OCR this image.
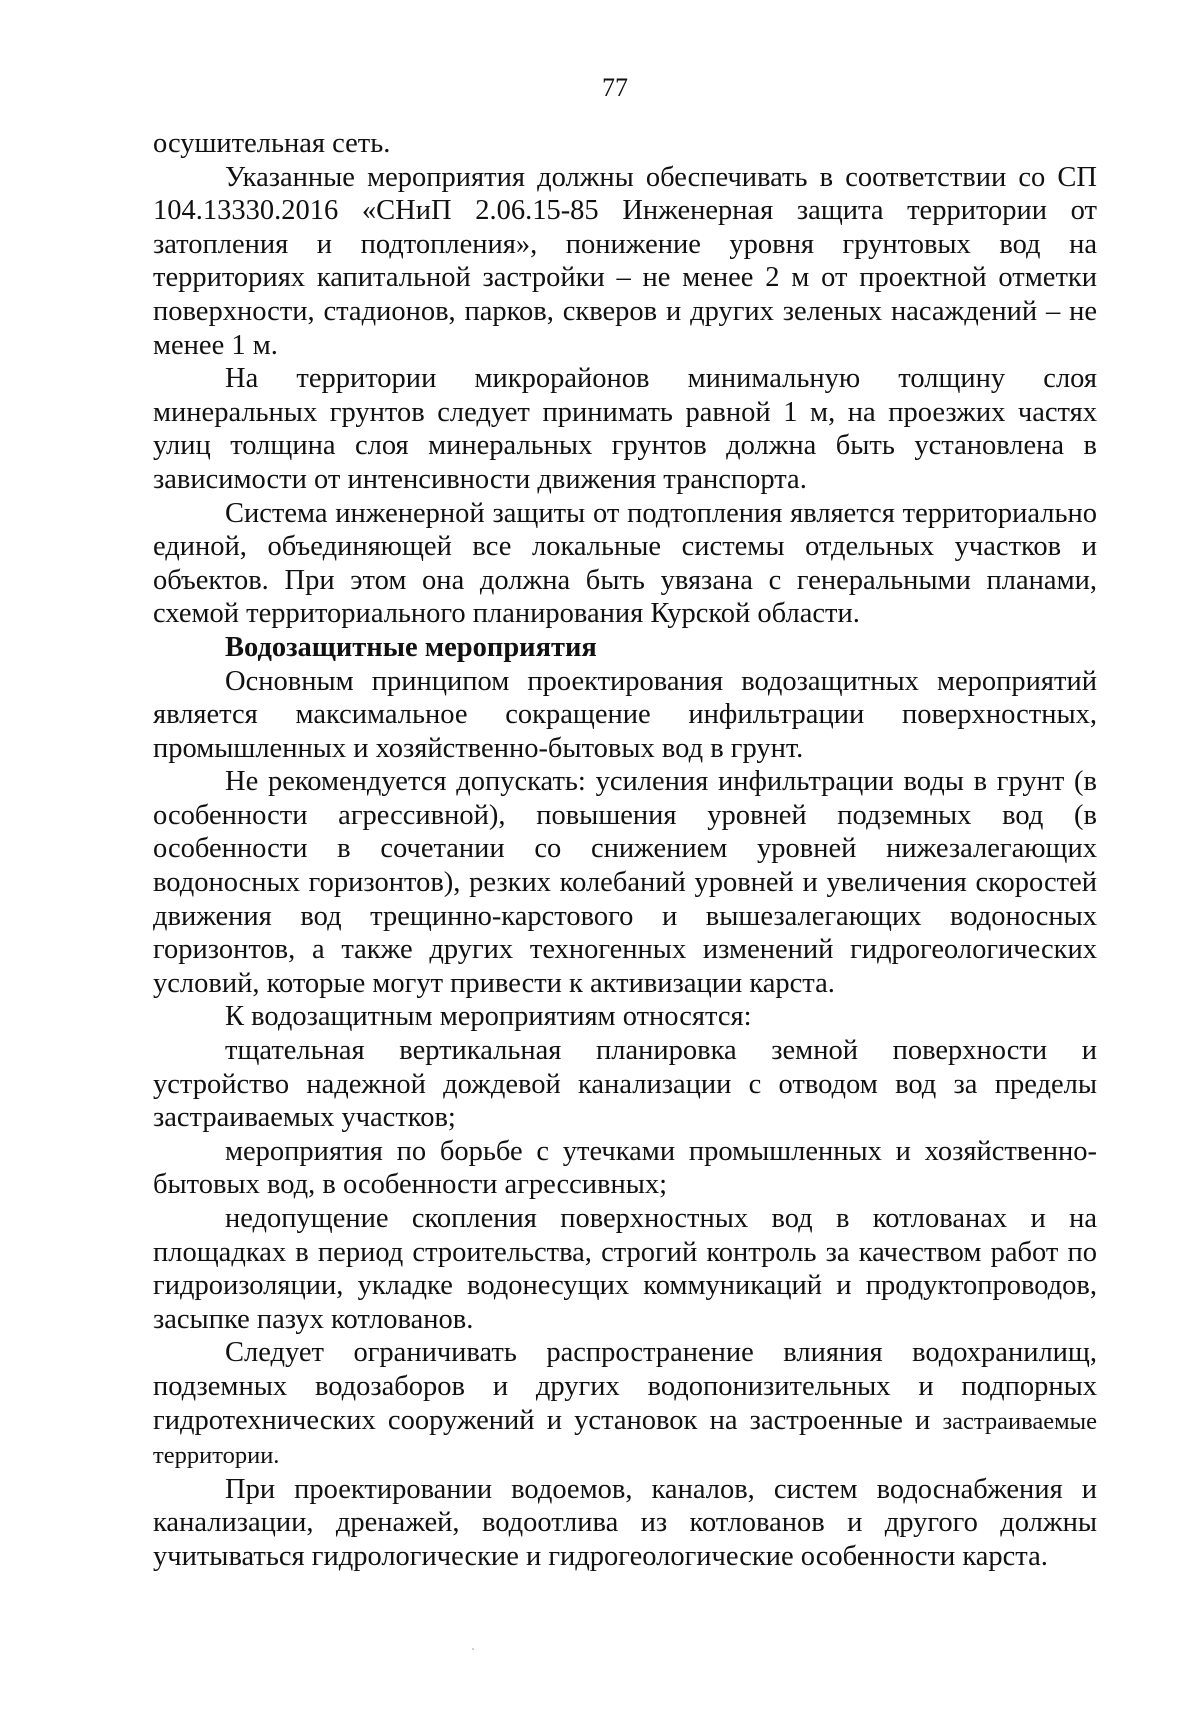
77

осушительная сеть.

Указанные мероприятия должны обеспечивать в соответствии со СП 104.13330.2016 «СНиП 2.06.15-85 Инженерная защита территории от затопления и подтопления», понижение уровня грунтовых вод на территориях капитальной застройки – не менее 2 м от проектной отметки поверхности, стадионов, парков, скверов и других зеленых насаждений – не менее 1 м.

На территории микрорайонов минимальную толщину слоя минеральных грунтов следует принимать равной 1 м, на проезжих частях улиц толщина слоя минеральных грунтов должна быть установлена в зависимости от интенсивности движения транспорта.

Система инженерной защиты от подтопления является территориально единой, объединяющей все локальные системы отдельных участков и объектов. При этом она должна быть увязана с генеральными планами, схемой территориального планирования Курской области.

Водозащитные мероприятия

Основным принципом проектирования водозащитных мероприятий является максимальное сокращение инфильтрации поверхностных, промышленных и хозяйственно-бытовых вод в грунт.

Не рекомендуется допускать: усиления инфильтрации воды в грунт (в особенности агрессивной), повышения уровней подземных вод (в особенности в сочетании со снижением уровней нижезалегающих водоносных горизонтов), резких колебаний уровней и увеличения скоростей движения вод трещинно-карстового и вышезалегающих водоносных горизонтов, а также других техногенных изменений гидрогеологических условий, которые могут привести к активизации карста.

К водозащитным мероприятиям относятся:

тщательная вертикальная планировка земной поверхности и устройство надежной дождевой канализации с отводом вод за пределы застраиваемых участков;

мероприятия по борьбе с утечками промышленных и хозяйственно-бытовых вод, в особенности агрессивных;

недопущение скопления поверхностных вод в котлованах и на площадках в период строительства, строгий контроль за качеством работ по гидроизоляции, укладке водонесущих коммуникаций и продуктопроводов, засыпке пазух котлованов.

Следует ограничивать распространение влияния водохранилищ, подземных водозаборов и других водопонизительных и подпорных гидротехнических сооружений и установок на застроенные и застраиваемые территории.

При проектировании водоемов, каналов, систем водоснабжения и канализации, дренажей, водоотлива из котлованов и другого должны учитываться гидрологические и гидрогеологические особенности карста.
